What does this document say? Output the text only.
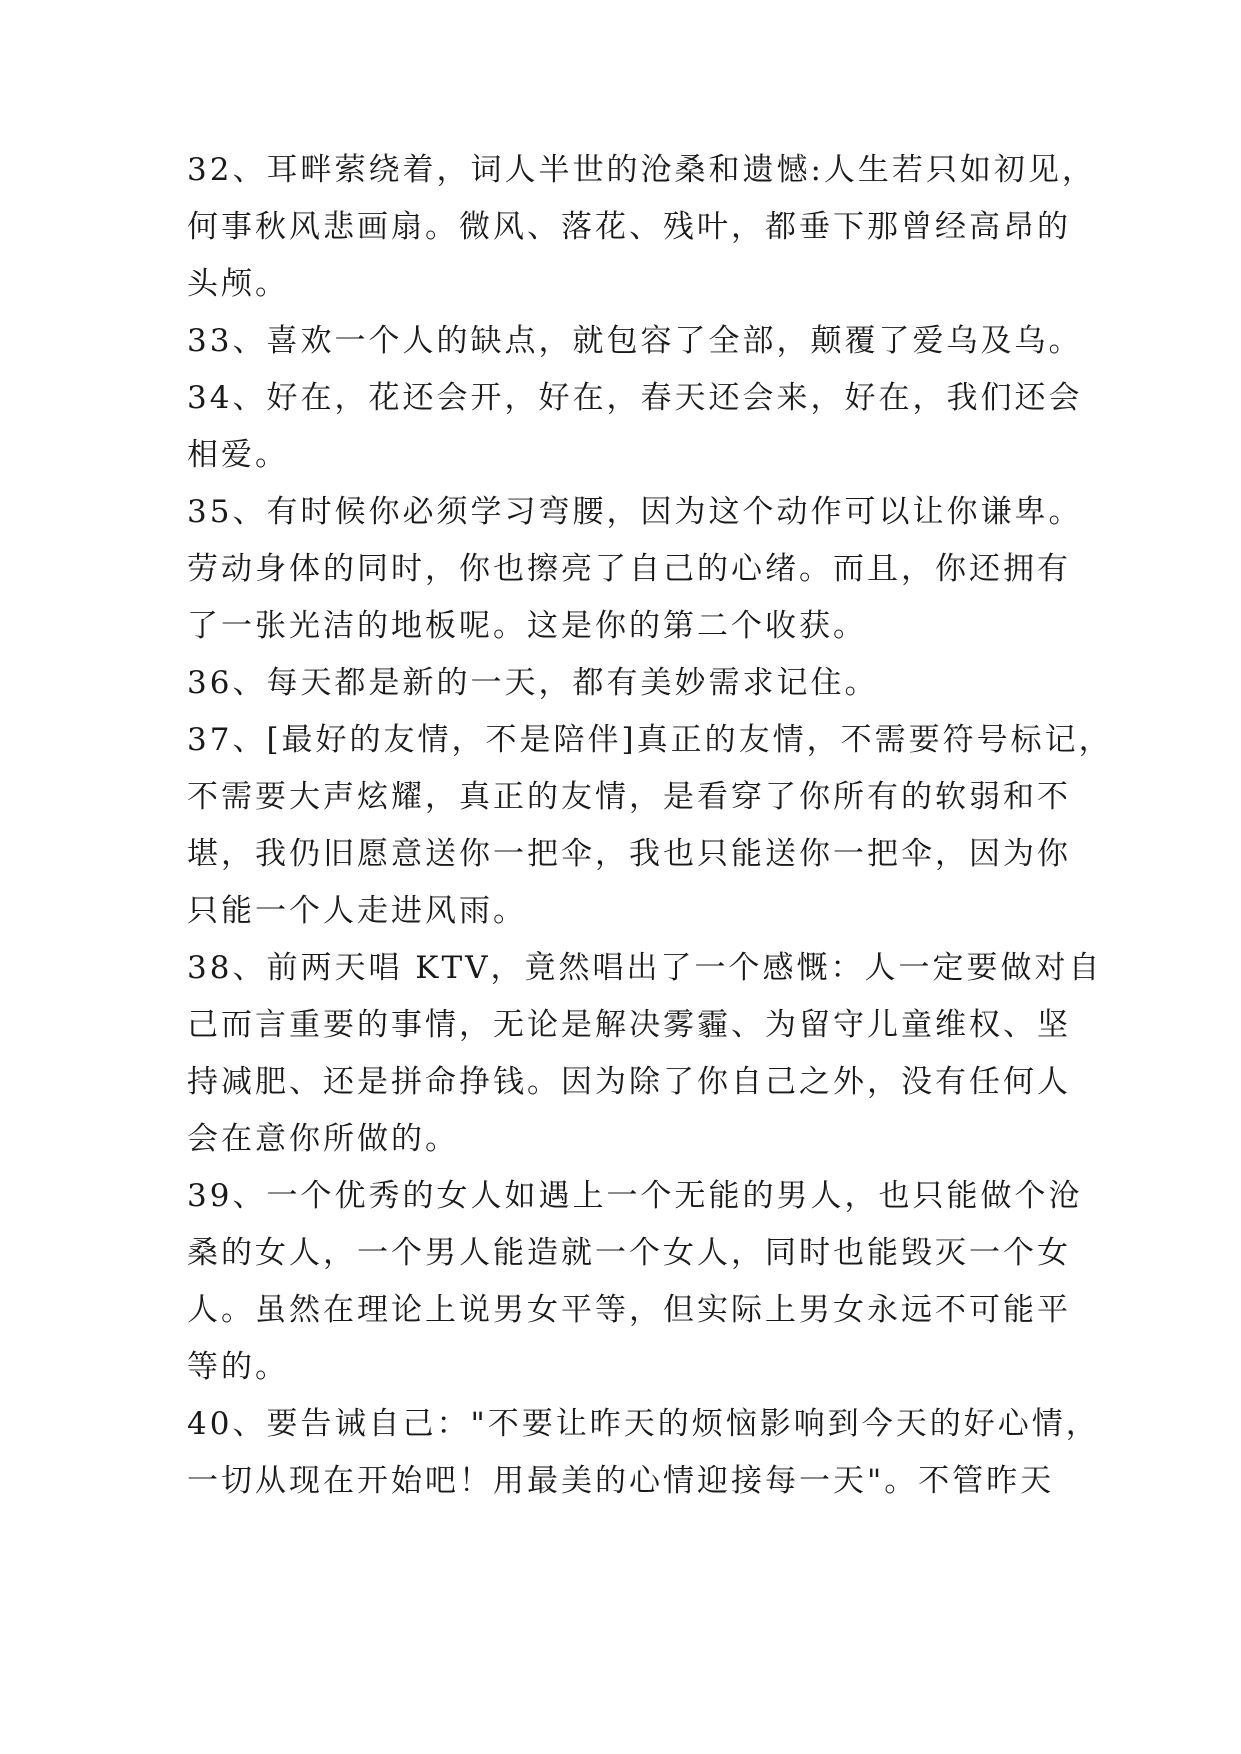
32、耳畔萦绕着，词人半世的沧桑和遗憾:人生若只如初见，
何事秋风悲画扇。微风、落花、残叶，都垂下那曾经高昂的
头颅。
33、喜欢一个人的缺点，就包容了全部，颠覆了爱乌及乌。
34、好在，花还会开，好在，春天还会来，好在，我们还会
相爱。
35、有时候你必须学习弯腰，因为这个动作可以让你谦卑。
劳动身体的同时，你也擦亮了自己的心绪。而且，你还拥有
了一张光洁的地板呢。这是你的第二个收获。
36、每天都是新的一天，都有美妙需求记住。
37、[最好的友情，不是陪伴]真正的友情，不需要符号标记，
不需要大声炫耀，真正的友情，是看穿了你所有的软弱和不
堪，我仍旧愿意送你一把伞，我也只能送你一把伞，因为你
只能一个人走进风雨。
38、前两天唱 KTV，竟然唱出了一个感慨：人一定要做对自
己而言重要的事情，无论是解决雾霾、为留守儿童维权、坚
持减肥、还是拼命挣钱。因为除了你自己之外，没有任何人
会在意你所做的。
39、一个优秀的女人如遇上一个无能的男人，也只能做个沧
桑的女人，一个男人能造就一个女人，同时也能毁灭一个女
人。虽然在理论上说男女平等，但实际上男女永远不可能平
等的。
40、要告诫自己："不要让昨天的烦恼影响到今天的好心情，
一切从现在开始吧！用最美的心情迎接每一天"。不管昨天
